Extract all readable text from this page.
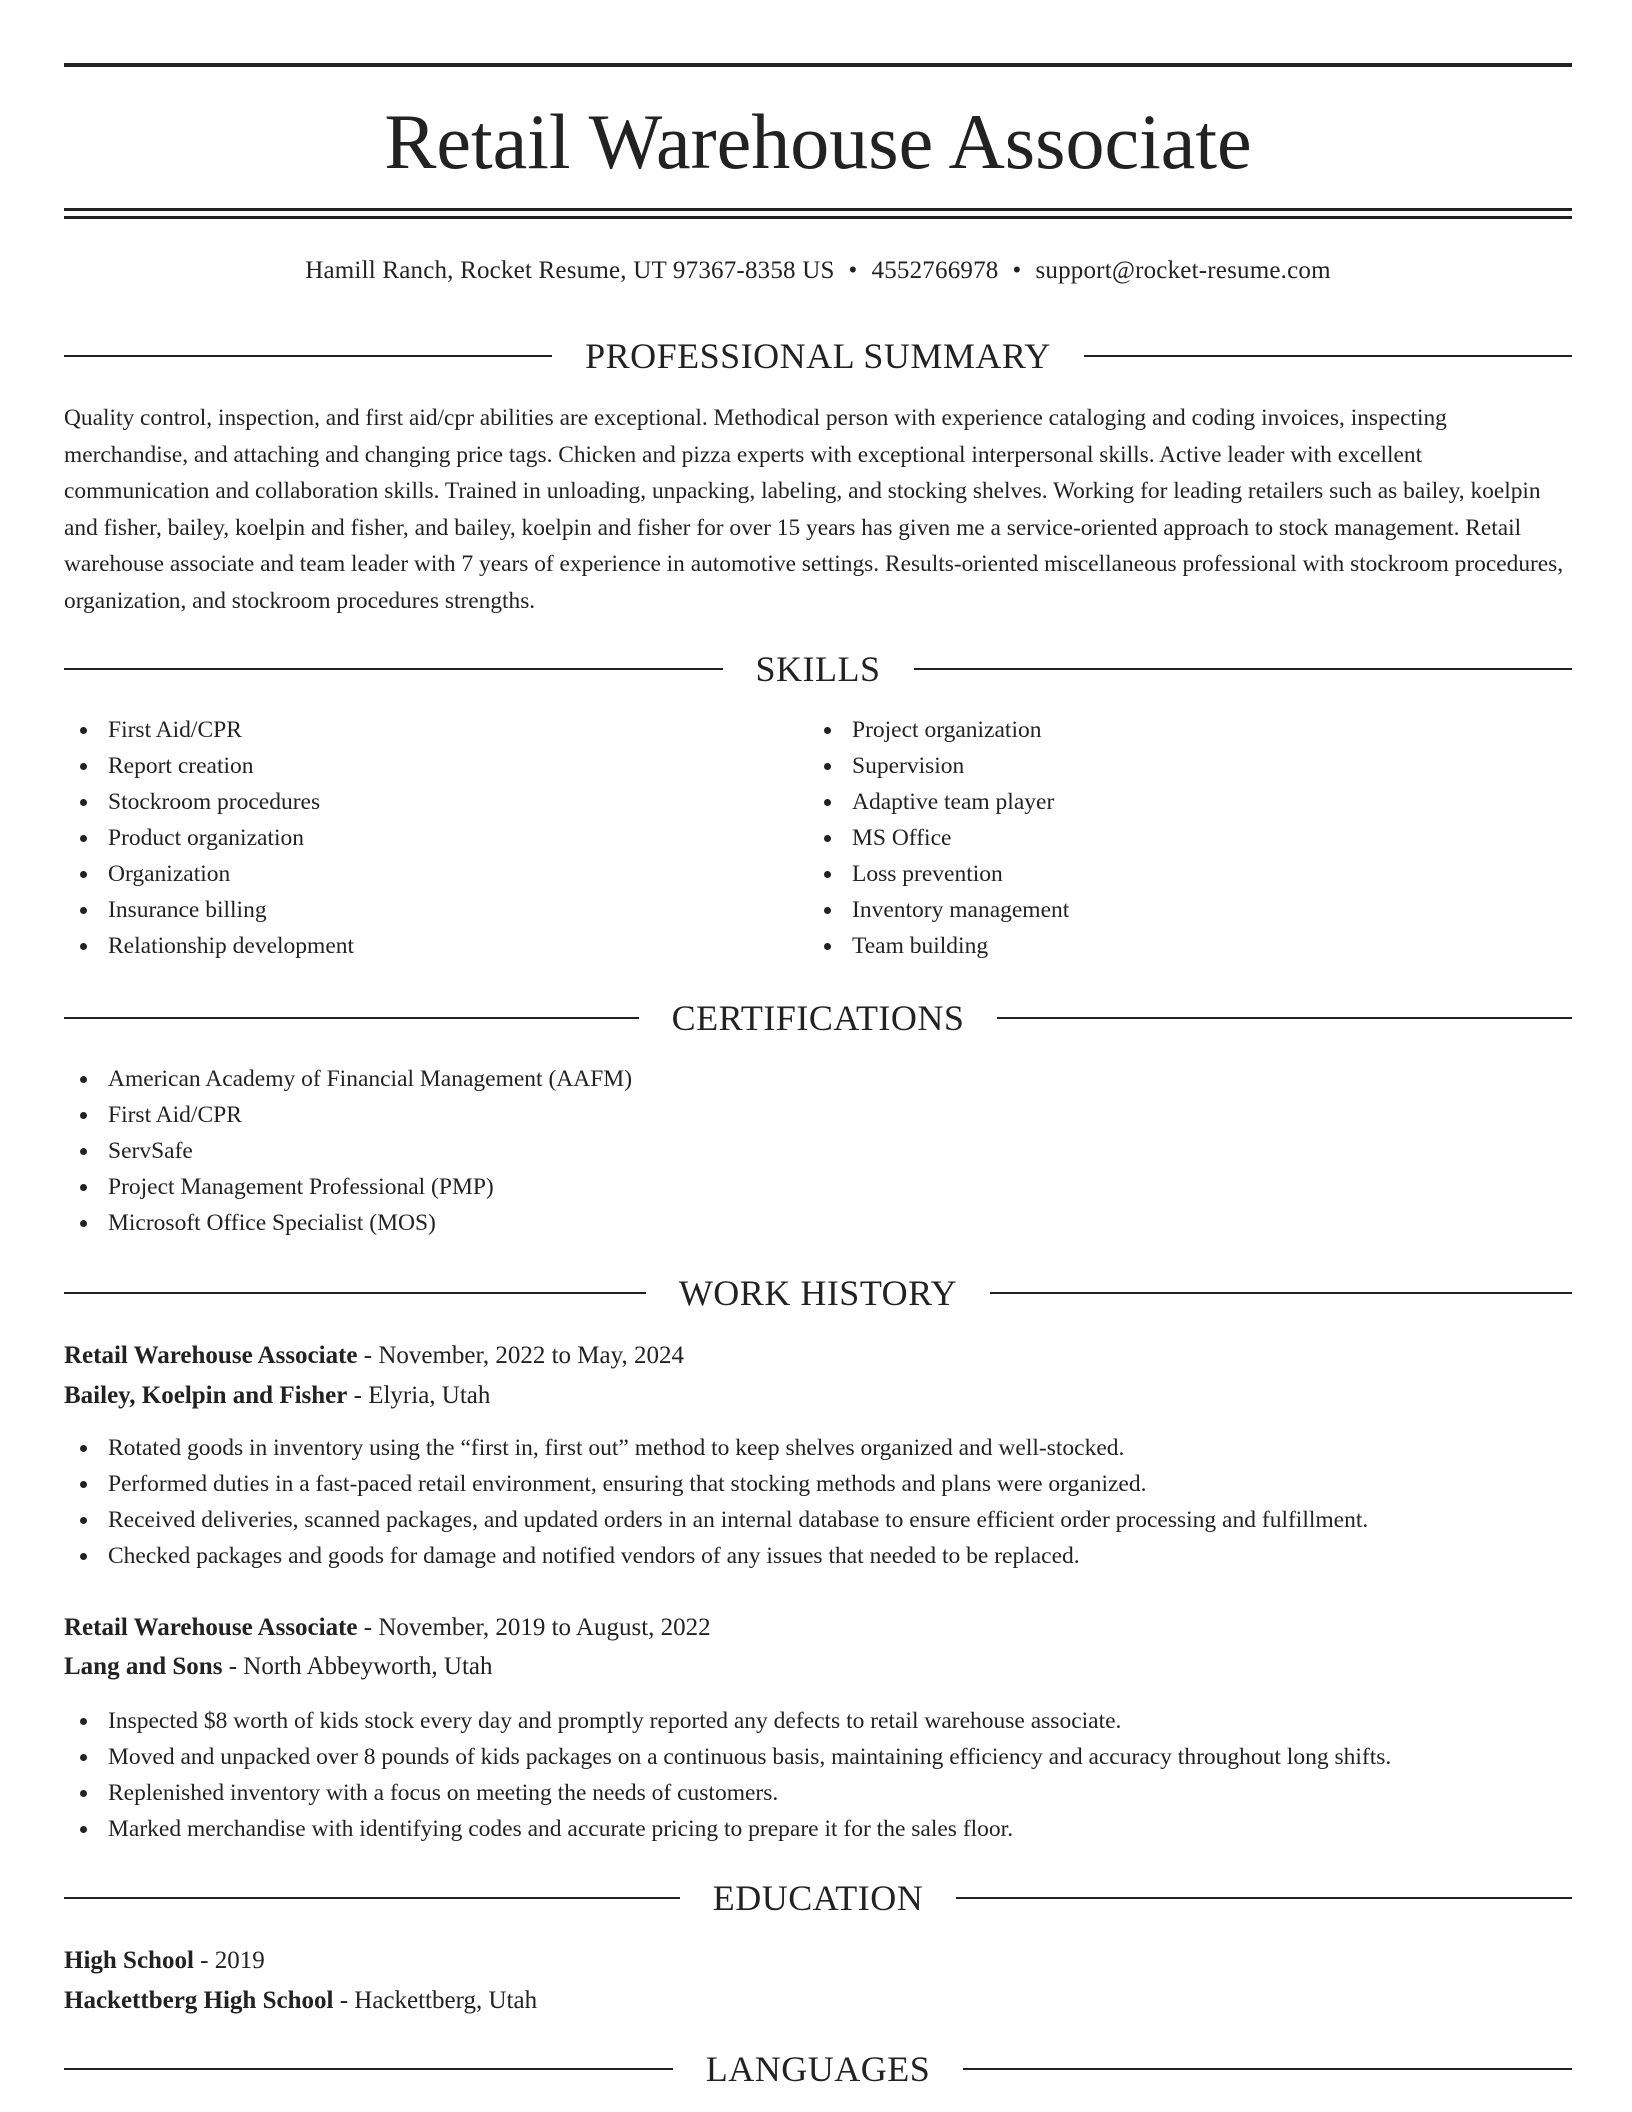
Retail Warehouse Associate
Hamill Ranch, Rocket Resume, UT 97367-8358 US • 4552766978 • support@rocket-resume.com
PROFESSIONAL SUMMARY

Quality control, inspection, and first aid/cpr abilities are exceptional. Methodical person with experience cataloging and coding invoices, inspecting merchandise, and attaching and changing price tags. Chicken and pizza experts with exceptional interpersonal skills. Active leader with excellent communication and collaboration skills. Trained in unloading, unpacking, labeling, and stocking shelves. Working for leading retailers such as bailey, koelpin and fisher, bailey, koelpin and fisher, and bailey, koelpin and fisher for over 15 years has given me a service-oriented approach to stock management. Retail warehouse associate and team leader with 7 years of experience in automotive settings. Results-oriented miscellaneous professional with stockroom procedures, organization, and stockroom procedures strengths.

SKILLS
First Aid/CPR
Report creation
Stockroom procedures
Product organization
Organization
Insurance billing
Relationship development
Project organization
Supervision
Adaptive team player
MS Office
Loss prevention
Inventory management
Team building
CERTIFICATIONS
American Academy of Financial Management (AAFM)
First Aid/CPR
ServSafe
Project Management Professional (PMP)
Microsoft Office Specialist (MOS)
WORK HISTORY
Retail Warehouse Associate - November, 2022 to May, 2024
Bailey, Koelpin and Fisher - Elyria, Utah
Rotated goods in inventory using the “first in, first out” method to keep shelves organized and well-stocked.
Performed duties in a fast-paced retail environment, ensuring that stocking methods and plans were organized.
Received deliveries, scanned packages, and updated orders in an internal database to ensure efficient order processing and fulfillment.
Checked packages and goods for damage and notified vendors of any issues that needed to be replaced.
Retail Warehouse Associate - November, 2019 to August, 2022
Lang and Sons - North Abbeyworth, Utah
Inspected $8 worth of kids stock every day and promptly reported any defects to retail warehouse associate.
Moved and unpacked over 8 pounds of kids packages on a continuous basis, maintaining efficiency and accuracy throughout long shifts.
Replenished inventory with a focus on meeting the needs of customers.
Marked merchandise with identifying codes and accurate pricing to prepare it for the sales floor.
EDUCATION
High School - 2019
Hackettberg High School - Hackettberg, Utah
LANGUAGES
